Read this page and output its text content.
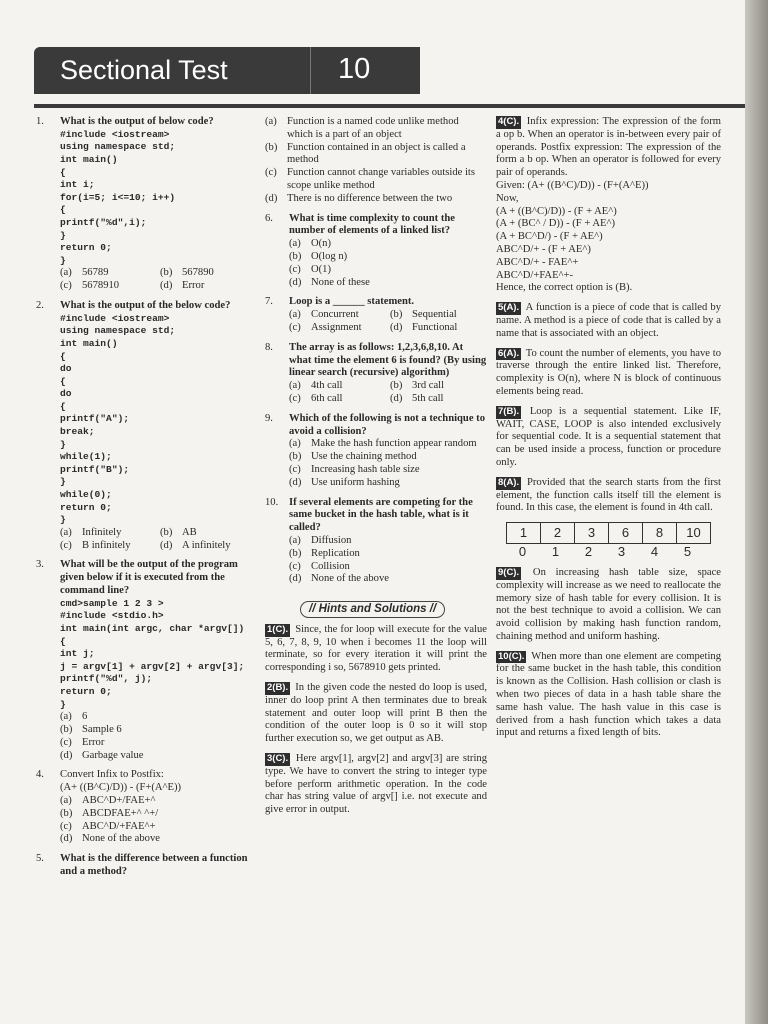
Sectional Test	10
1. What is the output of below code?
#include <iostream>
using namespace std;
int main()
{
int i;
for(i=5; i<=10; i++)
{
printf("%d",i);
}
return 0;
}
(a) 56789	(b) 567890
(c) 5678910	(d) Error
2. What is the output of the below code?
#include <iostream>
using namespace std;
int main()
{
do
{
do
{
printf("A");
break;
}
while(1);
printf("B");
}
while(0);
return 0;
}
(a) Infinitely	(b) AB
(c) B infinitely	(d) A infinitely
3. What will be the output of the program given below if it is executed from the command line?
cmd>sample 1 2 3 >
#include <stdio.h>
int main(int argc, char *argv[])
{
int j;
j = argv[1] + argv[2] + argv[3];
printf("%d", j);
return 0;
}
(a) 6
(b) Sample 6
(c) Error
(d) Garbage value
4. Convert Infix to Postfix:
(A+ ((B^C)/D)) - (F+(A^E))
(a) ABC^D+/FAE+^
(b) ABCDFAE+^ ^+/
(c) ABC^D/+FAE^+
(d) None of the above
5. What is the difference between a function and a method?
(a) Function is a named code unlike method which is a part of an object
(b) Function contained in an object is called a method
(c) Function cannot change variables outside its scope unlike method
(d) There is no difference between the two
6. What is time complexity to count the number of elements of a linked list?
(a) O(n)
(b) O(log n)
(c) O(1)
(d) None of these
7. Loop is a ______ statement.
(a) Concurrent	(b) Sequential
(c) Assignment	(d) Functional
8. The array is as follows: 1,2,3,6,8,10. At what time the element 6 is found? (By using linear search (recursive) algorithm)
(a) 4th call	(b) 3rd call
(c) 6th call	(d) 5th call
9. Which of the following is not a technique to avoid a collision?
(a) Make the hash function appear random
(b) Use the chaining method
(c) Increasing hash table size
(d) Use uniform hashing
10. If several elements are competing for the same bucket in the hash table, what is it called?
(a) Diffusion
(b) Replication
(c) Collision
(d) None of the above
// Hints and Solutions //
1(C). Since, the for loop will execute for the value 5, 6, 7, 8, 9, 10 when i becomes 11 the loop will terminate, so for every iteration it will print the corresponding i so, 5678910 gets printed.
2(B). In the given code the nested do loop is used, inner do loop print A then terminates due to break statement and outer loop will print B then the condition of the outer loop is 0 so it will stop further execution so, we get output as AB.
3(C). Here argv[1], argv[2] and argv[3] are string type. We have to convert the string to integer type before perform arithmetic operation. In the code char has string value of argv[] i.e. not execute and give error in output.
4(C). Infix expression: The expression of the form a op b. When an operator is in-between every pair of operands. Postfix expression: The expression of the form a b op. When an operator is followed for every pair of operands.
Given: (A+ ((B^C)/D)) - (F+(A^E))
Now,
(A + ((B^C)/D)) - (F + AE^)
(A + (BC^ / D)) - (F + AE^)
(A + BC^D/) - (F + AE^)
ABC^D/+ - (F + AE^)
ABC^D/+ - FAE^+
ABC^D/+FAE^+-
Hence, the correct option is (B).
5(A). A function is a piece of code that is called by name. A method is a piece of code that is called by a name that is associated with an object.
6(A). To count the number of elements, you have to traverse through the entire linked list. Therefore, complexity is O(n), where N is block of continuous elements being read.
7(B). Loop is a sequential statement. Like IF, WAIT, CASE, LOOP is also intended exclusively for sequential code. It is a sequential statement that can be used inside a process, function or procedure only.
8(A). Provided that the search starts from the first element, the function calls itself till the element is found. In this case, the element is found in 4th call.
1	2	3	6	8	10
0 1 2 3 4 5
9(C). On increasing hash table size, space complexity will increase as we need to reallocate the memory size of hash table for every collision. It is not the best technique to avoid a collision. We can avoid collision by making hash function random, chaining method and uniform hashing.
10(C). When more than one element are competing for the same bucket in the hash table, this condition is known as the Collision. Hash collision or clash is when two pieces of data in a hash table share the same hash value. The hash value in this case is derived from a hash function which takes a data input and returns a fixed length of bits.
